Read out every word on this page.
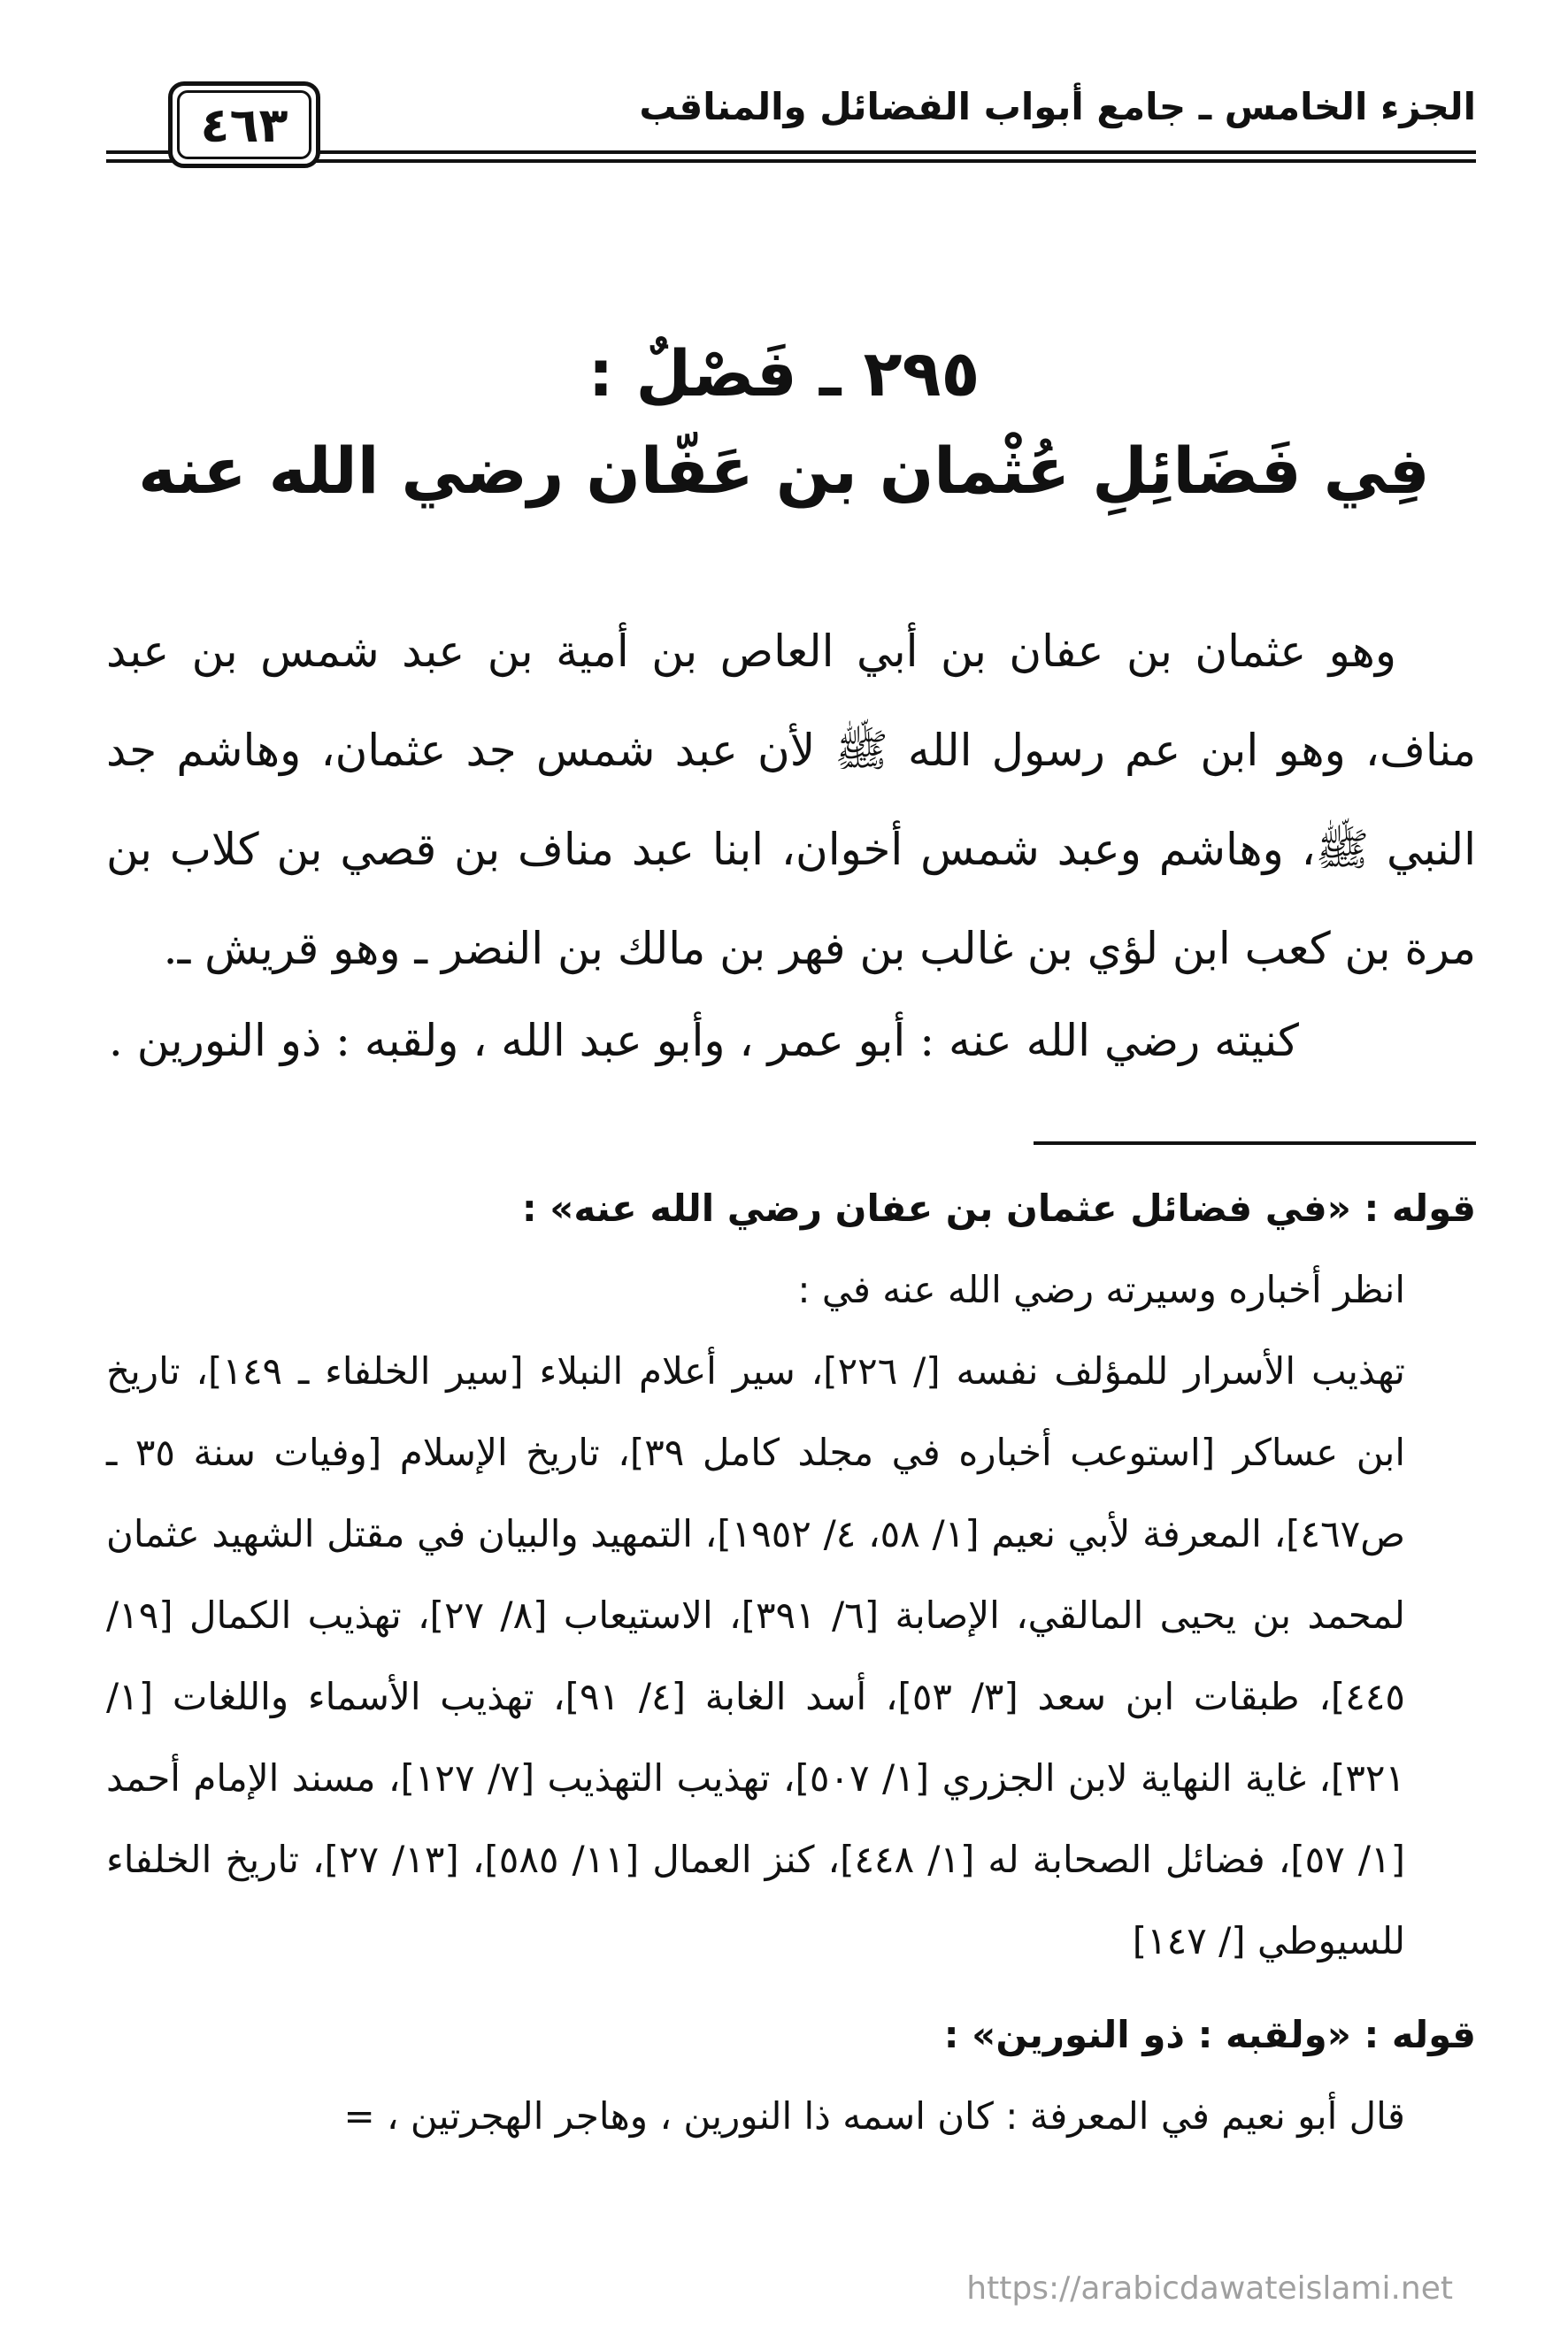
الجزء الخامس ـ جامع أبواب الفضائل والمناقب
٤٦٣
٢٩٥ ـ فَصْلٌ :
فِي فَضَائِلِ عُثْمان بن عَفّان رضي الله عنه

وهو عثمان بن عفان بن أبي العاص بن أمية بن عبد شمس بن عبد مناف، وهو ابن عم رسول الله ﷺ لأن عبد شمس جد عثمان، وهاشم جد النبي ﷺ، وهاشم وعبد شمس أخوان، ابنا عبد مناف بن قصي بن كلاب بن مرة بن كعب ابن لؤي بن غالب بن فهر بن مالك بن النضر ـ وهو قريش ـ.

كنيته رضي الله عنه : أبو عمر ، وأبو عبد الله ، ولقبه : ذو النورين .

قوله : «في فضائل عثمان بن عفان رضي الله عنه» :

انظر أخباره وسيرته رضي الله عنه في :

تهذيب الأسرار للمؤلف نفسه [/ ٢٢٦]، سير أعلام النبلاء [سير الخلفاء ـ ١٤٩]، تاريخ ابن عساكر [استوعب أخباره في مجلد كامل ٣٩]، تاريخ الإسلام [وفيات سنة ٣٥ ـ ص٤٦٧]، المعرفة لأبي نعيم [١/ ٥٨، ٤/ ١٩٥٢]، التمهيد والبيان في مقتل الشهيد عثمان لمحمد بن يحيى المالقي، الإصابة [٦/ ٣٩١]، الاستيعاب [٨/ ٢٧]، تهذيب الكمال [١٩/ ٤٤٥]، طبقات ابن سعد [٣/ ٥٣]، أسد الغابة [٤/ ٩١]، تهذيب الأسماء واللغات [١/ ٣٢١]، غاية النهاية لابن الجزري [١/ ٥٠٧]، تهذيب التهذيب [٧/ ١٢٧]، مسند الإمام أحمد [١/ ٥٧]، فضائل الصحابة له [١/ ٤٤٨]، كنز العمال [١١/ ٥٨٥]، [١٣/ ٢٧]، تاريخ الخلفاء للسيوطي [/ ١٤٧]

قوله : «ولقبه : ذو النورين» :

قال أبو نعيم في المعرفة : كان اسمه ذا النورين ، وهاجر الهجرتين ، =

https://arabicdawateislami.net
